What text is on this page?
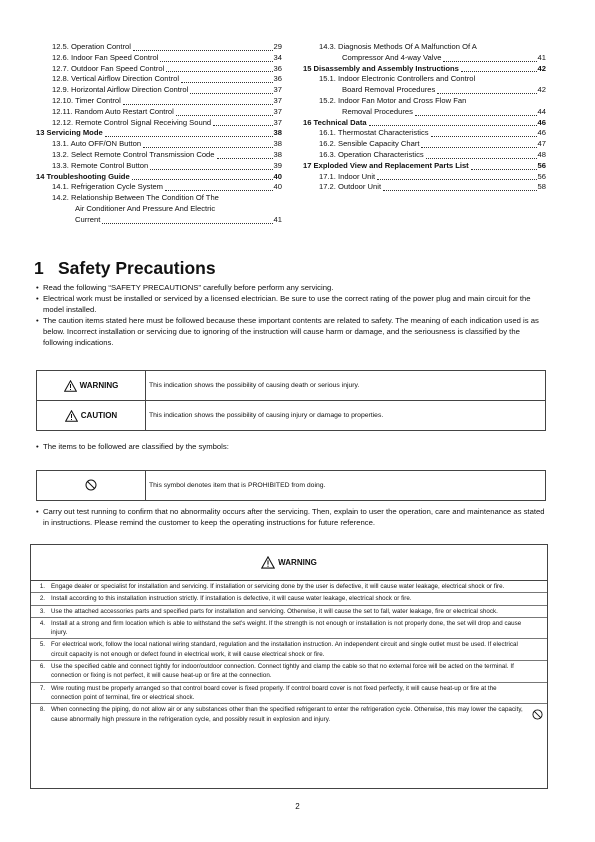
12.5. Operation Control	29
12.6. Indoor Fan Speed Control	34
12.7. Outdoor Fan Speed Control	36
12.8. Vertical Airflow Direction Control	36
12.9. Horizontal Airflow Direction Control	37
12.10. Timer Control	37
12.11. Random Auto Restart Control	37
12.12. Remote Control Signal Receiving Sound	37
13 Servicing Mode	38
13.1. Auto OFF/ON Button	38
13.2. Select Remote Control Transmission Code	38
13.3. Remote Control Button	39
14 Troubleshooting Guide	40
14.1. Refrigeration Cycle System	40
14.2. Relationship Between The Condition Of The
Air Conditioner And Pressure And Electric
Current	41
14.3. Diagnosis Methods Of A Malfunction Of A
Compressor And 4-way Valve	41
15 Disassembly and Assembly Instructions	42
15.1. Indoor Electronic Controllers and Control
Board Removal Procedures	42
15.2. Indoor Fan Motor and Cross Flow Fan
Removal Procedures	44
16 Technical Data	46
16.1. Thermostat Characteristics	46
16.2. Sensible Capacity Chart	47
16.3. Operation Characteristics	48
17 Exploded View and Replacement Parts List	56
17.1. Indoor Unit	56
17.2. Outdoor Unit	58
1 Safety Precautions
• Read the following “SAFETY PRECAUTIONS” carefully before perform any servicing.
• Electrical work must be installed or serviced by a licensed electrician. Be sure to use the correct rating of the power plug and main circuit for the model installed.
• The caution items stated here must be followed because these important contents are related to safety. The meaning of each indication used is as below. Incorrect installation or servicing due to ignoring of the instruction will cause harm or damage, and the seriousness is classified by the following indications.
WARNING	This indication shows the possibility of causing death or serious injury.
CAUTION	This indication shows the possibility of causing injury or damage to properties.
• The items to be followed are classified by the symbols:
	This symbol denotes item that is PROHIBITED from doing.
• Carry out test running to confirm that no abnormality occurs after the servicing. Then, explain to user the operation, care and maintenance as stated in instructions. Please remind the customer to keep the operating instructions for future reference.
WARNING
1. Engage dealer or specialist for installation and servicing. If installation or servicing done by the user is defective, it will cause water leakage, electrical shock or fire.
2. Install according to this installation instruction strictly. If installation is defective, it will cause water leakage, electrical shock or fire.
3. Use the attached accessories parts and specified parts for installation and servicing. Otherwise, it will cause the set to fall, water leakage, fire or electrical shock.
4. Install at a strong and firm location which is able to withstand the set's weight. If the strength is not enough or installation is not properly done, the set will drop and cause injury.
5. For electrical work, follow the local national wiring standard, regulation and the installation instruction. An independent circuit and single outlet must be used. If electrical circuit capacity is not enough or defect found in electrical work, it will cause electrical shock or fire.
6. Use the specified cable and connect tightly for indoor/outdoor connection. Connect tightly and clamp the cable so that no external force will be acted on the terminal. If connection or fixing is not perfect, it will cause heat-up or fire at the connection.
7. Wire routing must be properly arranged so that control board cover is fixed properly. If control board cover is not fixed perfectly, it will cause heat-up or fire at the connection point of terminal, fire or electrical shock.
8. When connecting the piping, do not allow air or any substances other than the specified refrigerant to enter the refrigeration cycle. Otherwise, this may lower the capacity, cause abnormally high pressure in the refrigeration cycle, and possibly result in explosion and injury.
2
